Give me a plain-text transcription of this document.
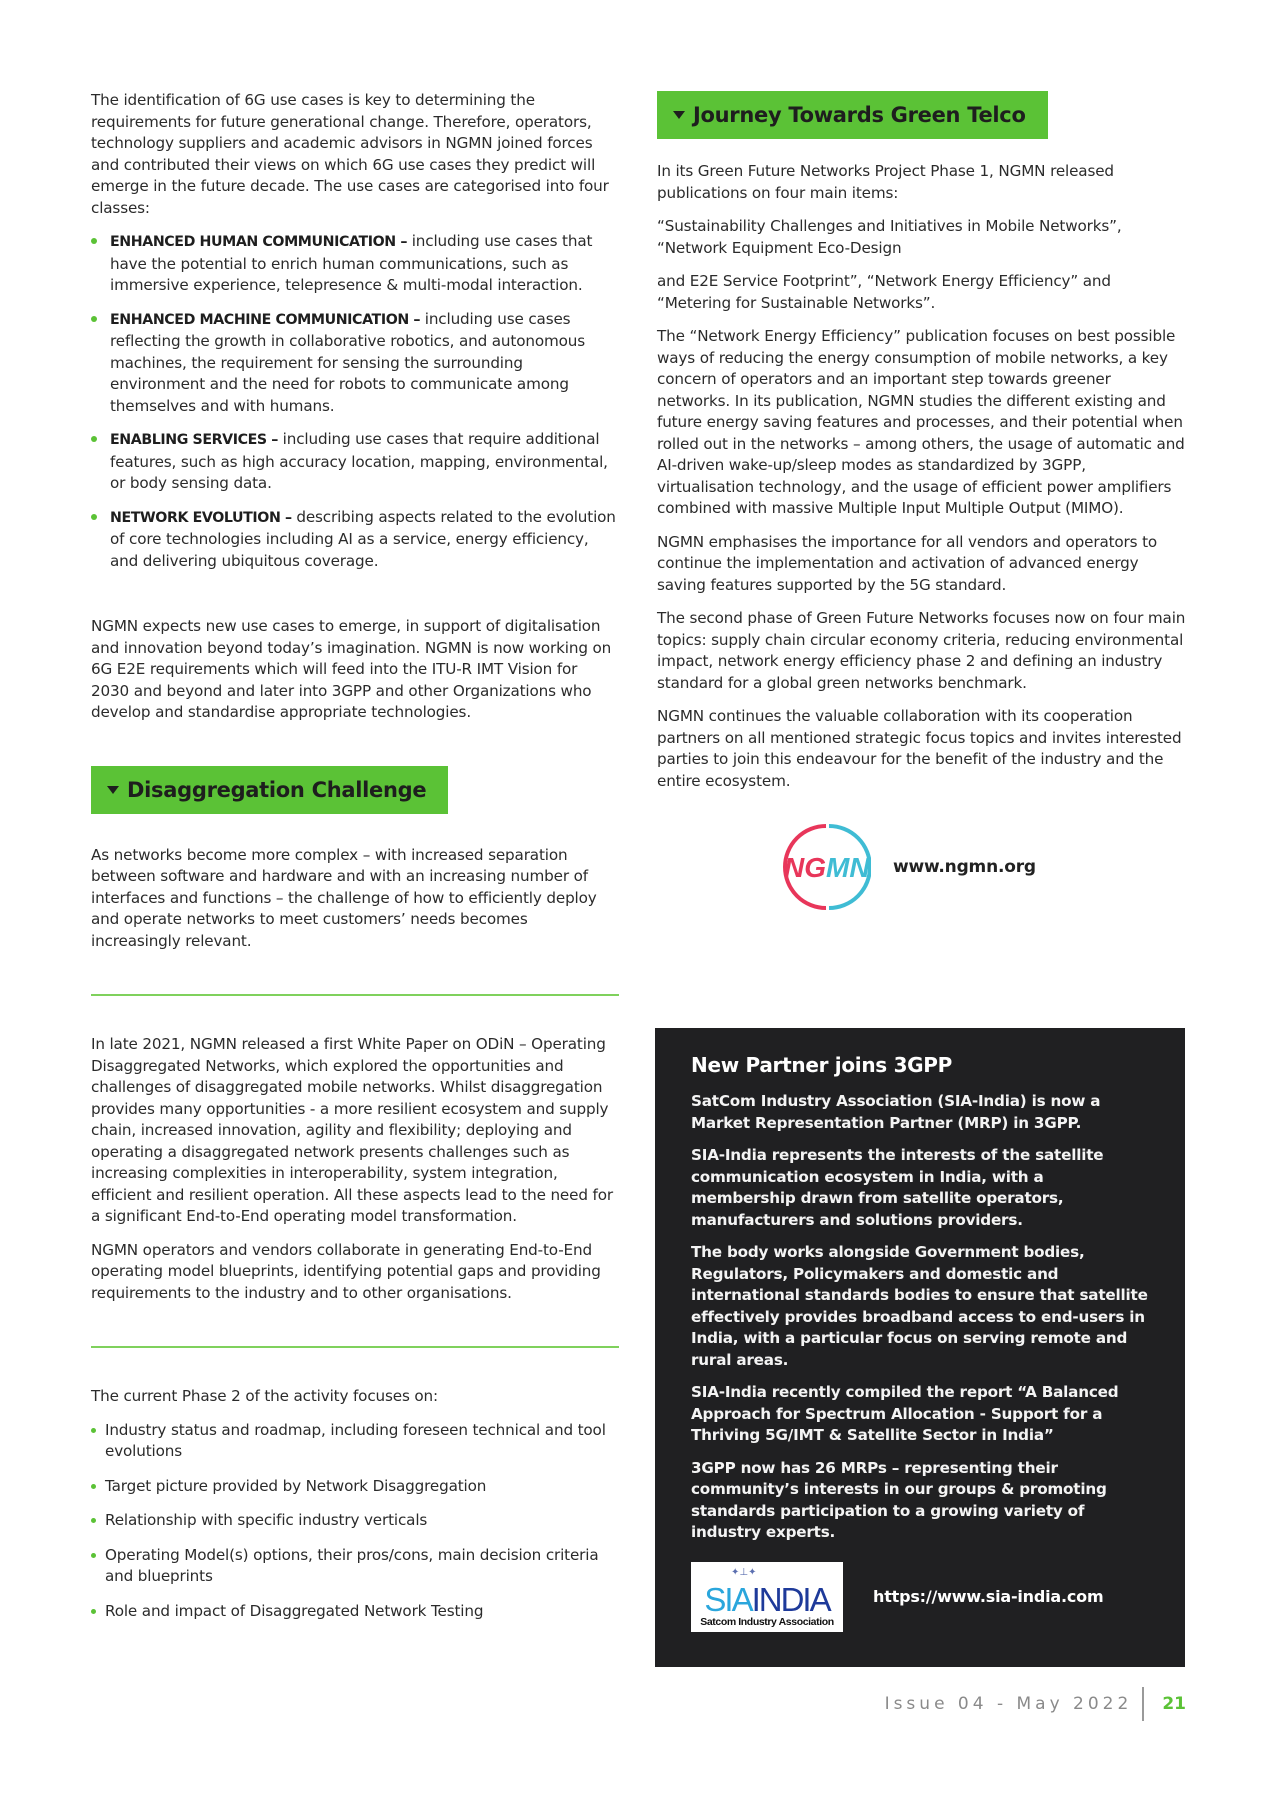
The identification of 6G use cases is key to determining the requirements for future generational change. Therefore, operators, technology suppliers and academic advisors in NGMN joined forces and contributed their views on which 6G use cases they predict will emerge in the future decade. The use cases are categorised into four classes:

ENHANCED HUMAN COMMUNICATION – including use cases that have the potential to enrich human communications, such as immersive experience, telepresence & multi-modal interaction.
ENHANCED MACHINE COMMUNICATION – including use cases reflecting the growth in collaborative robotics, and autonomous machines, the requirement for sensing the surrounding environment and the need for robots to communicate among themselves and with humans.
ENABLING SERVICES – including use cases that require additional features, such as high accuracy location, mapping, environmental, or body sensing data.
NETWORK EVOLUTION – describing aspects related to the evolution of core technologies including AI as a service, energy efficiency, and delivering ubiquitous coverage.

NGMN expects new use cases to emerge, in support of digitalisation and innovation beyond today’s imagination. NGMN is now working on 6G E2E requirements which will feed into the ITU-R IMT Vision for 2030 and beyond and later into 3GPP and other Organizations who develop and standardise appropriate technologies.

Disaggregation Challenge

As networks become more complex – with increased separation between software and hardware and with an increasing number of interfaces and functions – the challenge of how to efficiently deploy and operate networks to meet customers’ needs becomes increasingly relevant.

In late 2021, NGMN released a first White Paper on ODiN – Operating Disaggregated Networks, which explored the opportunities and challenges of disaggregated mobile networks. Whilst disaggregation provides many opportunities - a more resilient ecosystem and supply chain, increased innovation, agility and flexibility; deploying and operating a disaggregated network presents challenges such as increasing complexities in interoperability, system integration, efficient and resilient operation. All these aspects lead to the need for a significant End-to-End operating model transformation.

NGMN operators and vendors collaborate in generating End-to-End operating model blueprints, identifying potential gaps and providing requirements to the industry and to other organisations.

The current Phase 2 of the activity focuses on:

Industry status and roadmap, including foreseen technical and tool evolutions
Target picture provided by Network Disaggregation
Relationship with specific industry verticals
Operating Model(s) options, their pros/cons, main decision criteria and blueprints
Role and impact of Disaggregated Network Testing
Journey Towards Green Telco

In its Green Future Networks Project Phase 1, NGMN released publications on four main items:

“Sustainability Challenges and Initiatives in Mobile Networks”, “Network Equipment Eco-Design

and E2E Service Footprint”, “Network Energy Efficiency” and “Metering for Sustainable Networks”.

The “Network Energy Efficiency” publication focuses on best possible ways of reducing the energy consumption of mobile networks, a key concern of operators and an important step towards greener networks. In its publication, NGMN studies the different existing and future energy saving features and processes, and their potential when rolled out in the networks – among others, the usage of automatic and AI-driven wake-up/sleep modes as standardized by 3GPP, virtualisation technology, and the usage of efficient power amplifiers combined with massive Multiple Input Multiple Output (MIMO).

NGMN emphasises the importance for all vendors and operators to continue the implementation and activation of advanced energy saving features supported by the 5G standard.

The second phase of Green Future Networks focuses now on four main topics: supply chain circular economy criteria, reducing environmental impact, network energy efficiency phase 2 and defining an industry standard for a global green networks benchmark.

NGMN continues the valuable collaboration with its cooperation partners on all mentioned strategic focus topics and invites interested parties to join this endeavour for the benefit of the industry and the entire ecosystem.

NG MN www.ngmn.org
New Partner joins 3GPP

SatCom Industry Association (SIA-India) is now a Market Representation Partner (MRP) in 3GPP.

SIA-India represents the interests of the satellite communication ecosystem in India, with a membership drawn from satellite operators, manufacturers and solutions providers.

The body works alongside Government bodies, Regulators, Policymakers and domestic and international standards bodies to ensure that satellite effectively provides broadband access to end-users in India, with a particular focus on serving remote and rural areas.

SIA-India recently compiled the report “A Balanced Approach for Spectrum Allocation - Support for a Thriving 5G/IMT & Satellite Sector in India”

3GPP now has 26 MRPs – representing their community’s interests in our groups & promoting standards participation to a growing variety of industry experts.

✦⊥✦
SIAINDIA
Satcom Industry Association
https://www.sia-india.com
Issue 04 - May 2022 21
